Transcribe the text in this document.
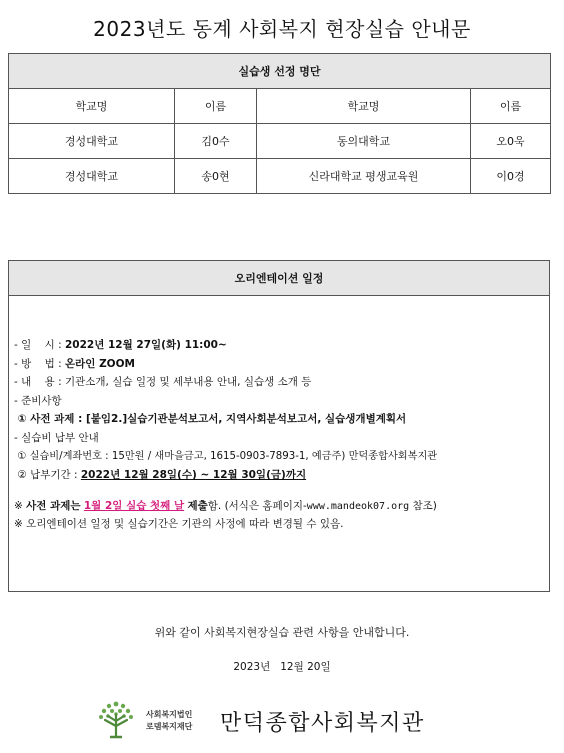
2023년도 동계 사회복지 현장실습 안내문
실습생 선정 명단			
학교명	이름	학교명	이름
경성대학교	김0수	동의대학교	오0욱
경성대학교	송0현	신라대학교 평생교육원	이0경
오리엔테이션 일정
- 일    시 : 2022년 12월 27일(화) 11:00~
- 방    법 : 온라인 ZOOM
- 내    용 : 기관소개, 실습 일정 및 세부내용 안내, 실습생 소개 등
- 준비사항
① 사전 과제 : [붙임2.]실습기관분석보고서, 지역사회분석보고서, 실습생개별계획서
- 실습비 납부 안내
① 실습비/계좌번호 : 15만원 / 새마을금고, 1615-0903-7893-1, 예금주) 만덕종합사회복지관
② 납부기간 : 2022년 12월 28일(수) ~ 12월 30일(금)까지
※ 사전 과제는 1월 2일 실습 첫째 날 제출함. (서식은 홈페이지-www.mandeok07.org 참조)
※ 오리엔테이션 일정 및 실습기간은 기관의 사정에 따라 변경될 수 있음.
위와 같이 사회복지현장실습 관련 사항을 안내합니다.
2023년   12월 20일
사회복지법인
로뎀복지재단 만덕종합사회복지관
